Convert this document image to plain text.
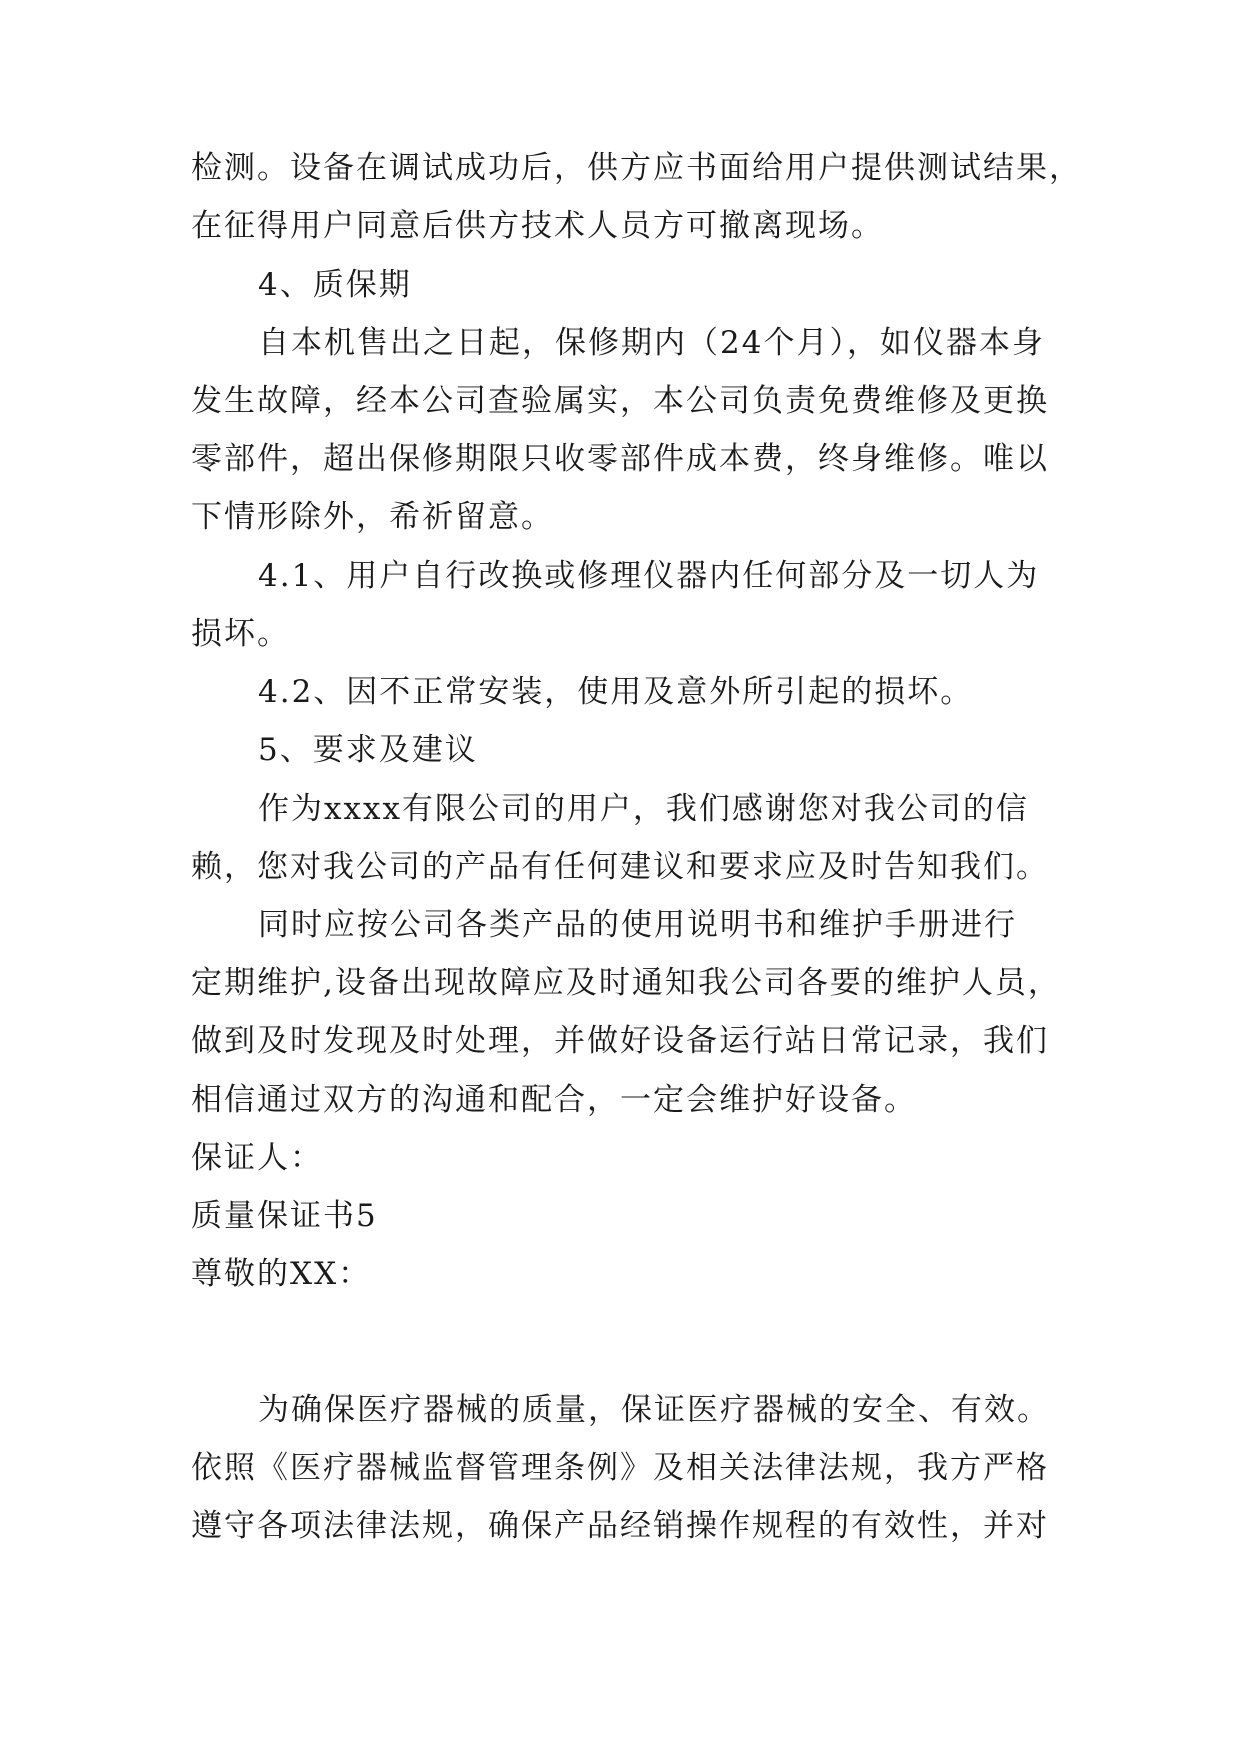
检测。设备在调试成功后，供方应书面给用户提供测试结果，
在征得用户同意后供方技术人员方可撤离现场。
4、质保期
自本机售出之日起，保修期内（24个月），如仪器本身
发生故障，经本公司查验属实，本公司负责免费维修及更换
零部件，超出保修期限只收零部件成本费，终身维修。唯以
下情形除外，希祈留意。
4.1、用户自行改换或修理仪器内任何部分及一切人为
损坏。
4.2、因不正常安装，使用及意外所引起的损坏。
5、要求及建议
作为xxxx有限公司的用户，我们感谢您对我公司的信
赖，您对我公司的产品有任何建议和要求应及时告知我们。
同时应按公司各类产品的使用说明书和维护手册进行
定期维护,设备出现故障应及时通知我公司各要的维护人员，
做到及时发现及时处理，并做好设备运行站日常记录，我们
相信通过双方的沟通和配合，一定会维护好设备。
保证人：
质量保证书5
尊敬的XX：
为确保医疗器械的质量，保证医疗器械的安全、有效。
依照《医疗器械监督管理条例》及相关法律法规，我方严格
遵守各项法律法规，确保产品经销操作规程的有效性，并对
